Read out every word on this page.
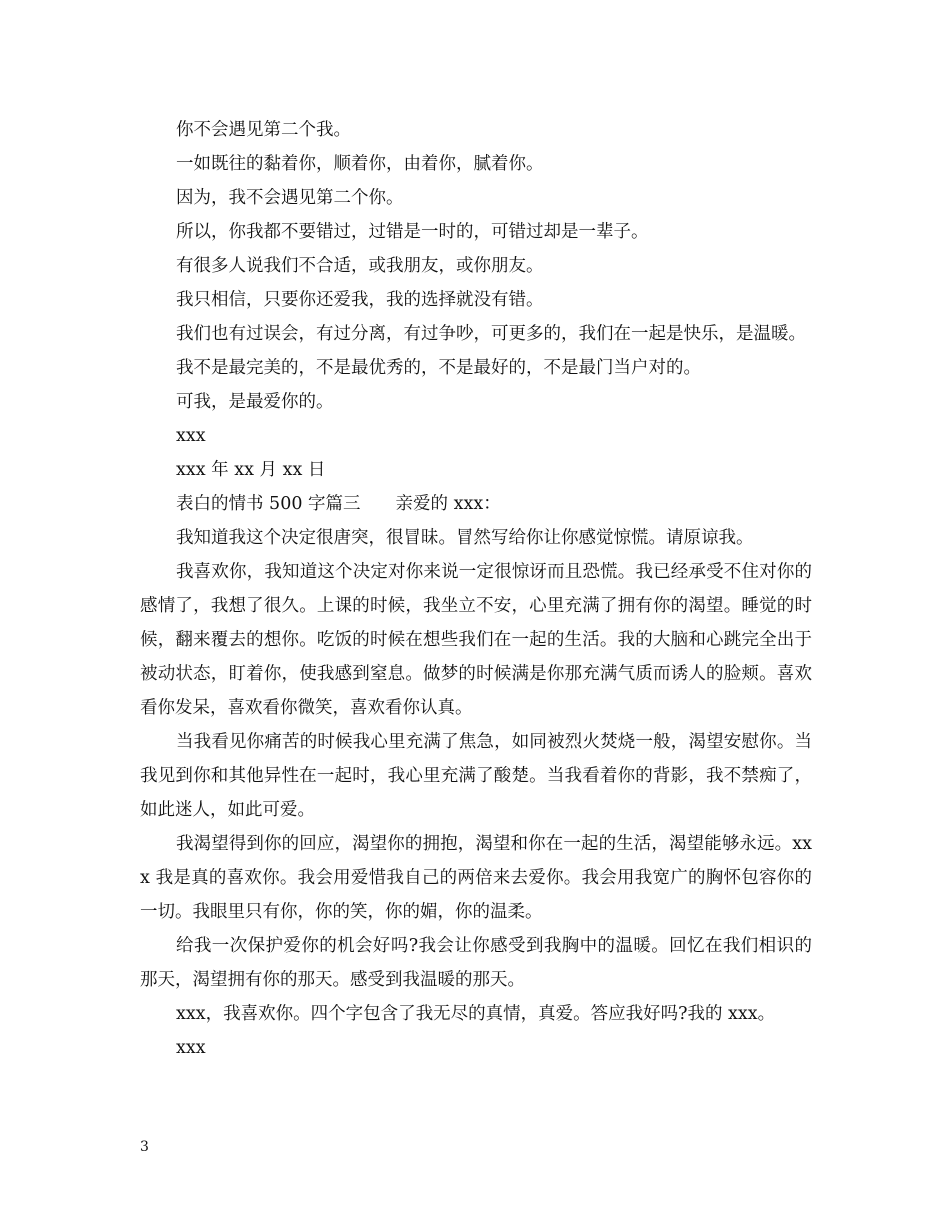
你不会遇见第二个我。

一如既往的黏着你，顺着你，由着你，腻着你。

因为，我不会遇见第二个你。

所以，你我都不要错过，过错是一时的，可错过却是一辈子。

有很多人说我们不合适，或我朋友，或你朋友。

我只相信，只要你还爱我，我的选择就没有错。

我们也有过误会，有过分离，有过争吵，可更多的，我们在一起是快乐，是温暖。

我不是最完美的，不是最优秀的，不是最好的，不是最门当户对的。

可我，是最爱你的。

xxx

xxx 年 xx 月 xx 日

表白的情书 500 字篇三　　亲爱的 xxx：

我知道我这个决定很唐突，很冒昧。冒然写给你让你感觉惊慌。请原谅我。

我喜欢你，我知道这个决定对你来说一定很惊讶而且恐慌。我已经承受不住对你的感情了，我想了很久。上课的时候，我坐立不安，心里充满了拥有你的渴望。睡觉的时候，翻来覆去的想你。吃饭的时候在想些我们在一起的生活。我的大脑和心跳完全出于被动状态，盯着你，使我感到窒息。做梦的时候满是你那充满气质而诱人的脸颊。喜欢看你发呆，喜欢看你微笑，喜欢看你认真。

当我看见你痛苦的时候我心里充满了焦急，如同被烈火焚烧一般，渴望安慰你。当我见到你和其他异性在一起时，我心里充满了酸楚。当我看着你的背影，我不禁痴了，如此迷人，如此可爱。

我渴望得到你的回应，渴望你的拥抱，渴望和你在一起的生活，渴望能够永远。xxx 我是真的喜欢你。我会用爱惜我自己的两倍来去爱你。我会用我宽广的胸怀包容你的一切。我眼里只有你，你的笑，你的媚，你的温柔。

给我一次保护爱你的机会好吗?我会让你感受到我胸中的温暖。回忆在我们相识的那天，渴望拥有你的那天。感受到我温暖的那天。

xxx，我喜欢你。四个字包含了我无尽的真情，真爱。答应我好吗?我的 xxx。

xxx

3
